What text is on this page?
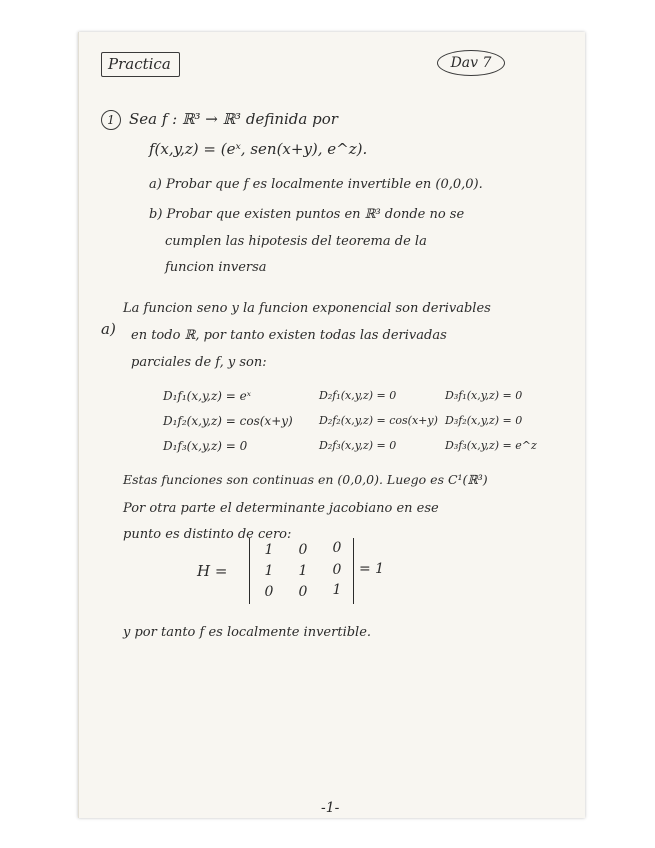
Practica	Dav 7
1 Sea f : ℝ³ → ℝ³ definida por
f(x,y,z) = (eˣ, sen(x+y), e^z).
a) Probar que f es localmente invertible en (0,0,0).
b) Probar que existen puntos en ℝ³ donde no se
cumplen las hipotesis del teorema de la
funcion inversa
a)
La funcion seno y la funcion exponencial son derivables
en todo ℝ, por tanto existen todas las derivadas
parciales de f, y son:
D₁f₁(x,y,z) = eˣ	D₂f₁(x,y,z) = 0	D₃f₁(x,y,z) = 0
D₁f₂(x,y,z) = cos(x+y) D₂f₂(x,y,z) = cos(x+y) D₃f₂(x,y,z) = 0
D₁f₃(x,y,z) = 0	D₂f₃(x,y,z) = 0	D₃f₃(x,y,z) = e^z
Estas funciones son continuas en (0,0,0). Luego es C¹(ℝ³)
Por otra parte el determinante jacobiano en ese
punto es distinto de cero:
H =
1	0	0
1	1	0
0	0	1
= 1
y por tanto f es localmente invertible.
-1-
